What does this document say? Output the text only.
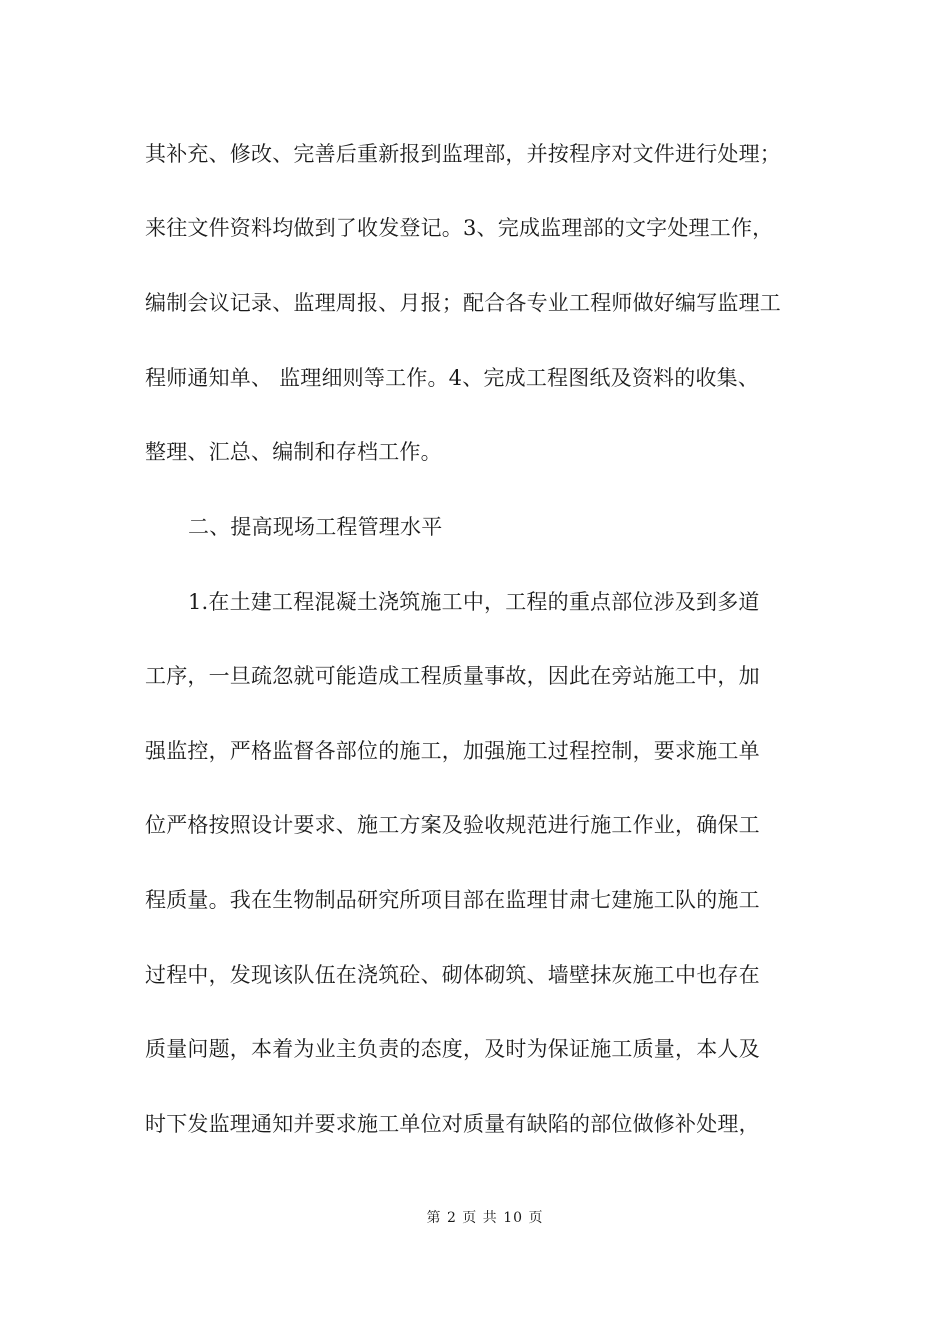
其补充、修改、完善后重新报到监理部，并按程序对文件进行处理；
来往文件资料均做到了收发登记。3、完成监理部的文字处理工作，
编制会议记录、监理周报、月报；配合各专业工程师做好编写监理工
程师通知单、 监理细则等工作。4、完成工程图纸及资料的收集、
整理、汇总、编制和存档工作。
二、提高现场工程管理水平
1.在土建工程混凝土浇筑施工中，工程的重点部位涉及到多道
工序，一旦疏忽就可能造成工程质量事故，因此在旁站施工中，加
强监控，严格监督各部位的施工，加强施工过程控制，要求施工单
位严格按照设计要求、施工方案及验收规范进行施工作业，确保工
程质量。我在生物制品研究所项目部在监理甘肃七建施工队的施工
过程中，发现该队伍在浇筑砼、砌体砌筑、墙壁抹灰施工中也存在
质量问题，本着为业主负责的态度，及时为保证施工质量，本人及
时下发监理通知并要求施工单位对质量有缺陷的部位做修补处理，
第 2 页 共 10 页
